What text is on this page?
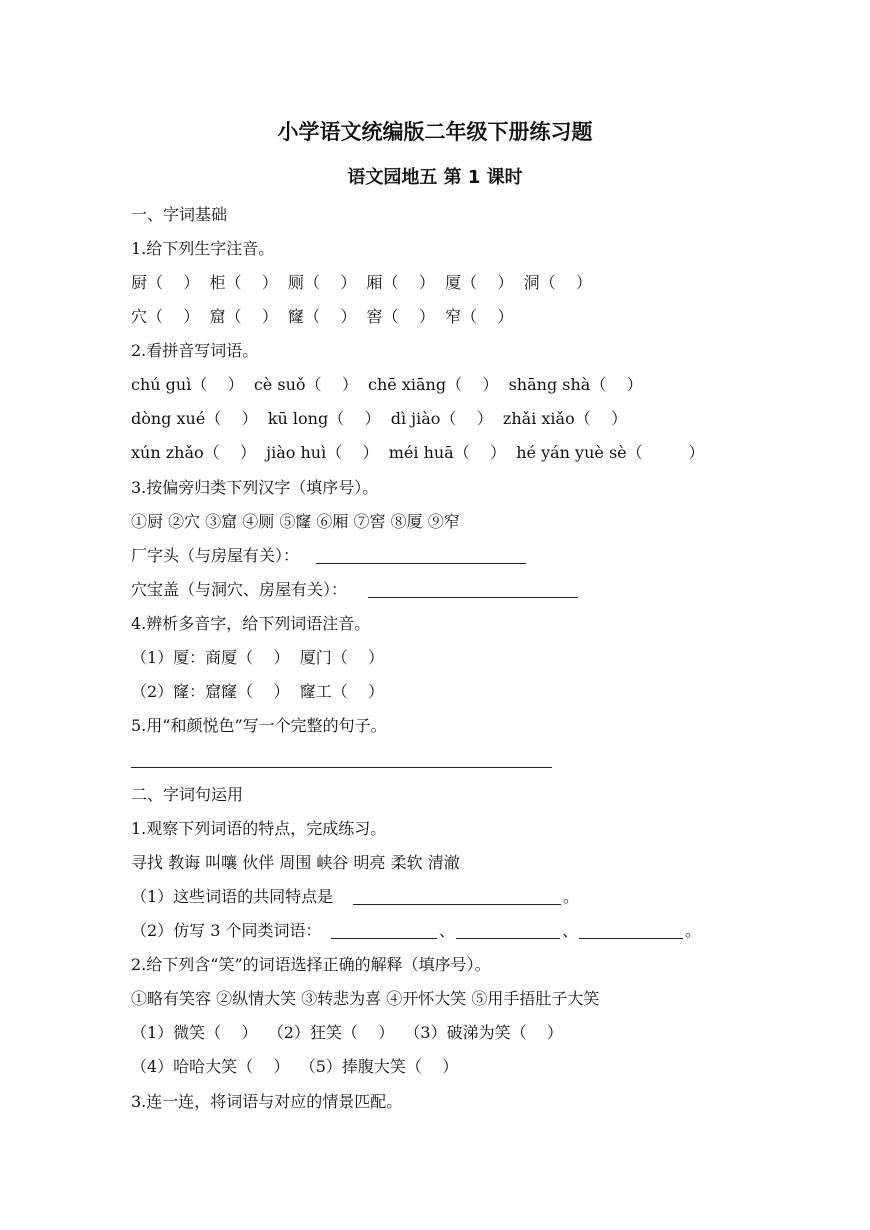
小学语文统编版二年级下册练习题
语文园地五 第 1 课时
一、字词基础
1.给下列生字注音。
厨（    ）  柜（    ）  厕（    ）  厢（    ）  厦（    ）  洞（    ）
穴（    ）  窟（    ）  窿（    ）  窖（    ）  窄（    ）
2.看拼音写词语。
chú guì（    ）  cè suǒ（    ）  chē xiāng（    ）  shāng shà（    ）
dòng xué（    ）  kū long（    ）  dì jiào（    ）  zhǎi xiǎo（    ）
xún zhǎo（    ）  jiào huì（    ）  méi huā（    ）  hé yán yuè sè（         ）
3.按偏旁归类下列汉字（填序号）。
①厨 ②穴 ③窟 ④厕 ⑤窿 ⑥厢 ⑦窖 ⑧厦 ⑨窄
厂字头（与房屋有关）：
穴宝盖（与洞穴、房屋有关）：
4.辨析多音字，给下列词语注音。
（1）厦：商厦（    ）  厦门（    ）
（2）窿：窟窿（    ）  窿工（    ）
5.用“和颜悦色”写一个完整的句子。
二、字词句运用
1.观察下列词语的特点，完成练习。
寻找 教诲 叫嚷 伙伴 周围 峡谷 明亮 柔软 清澈
（1）这些词语的共同特点是	。
（2）仿写 3 个同类词语：	、	、	。
2.给下列含“笑”的词语选择正确的解释（填序号）。
①略有笑容 ②纵情大笑 ③转悲为喜 ④开怀大笑 ⑤用手捂肚子大笑
（1）微笑（    ）  （2）狂笑（    ）  （3）破涕为笑（    ）
（4）哈哈大笑（    ）  （5）捧腹大笑（    ）
3.连一连，将词语与对应的情景匹配。
